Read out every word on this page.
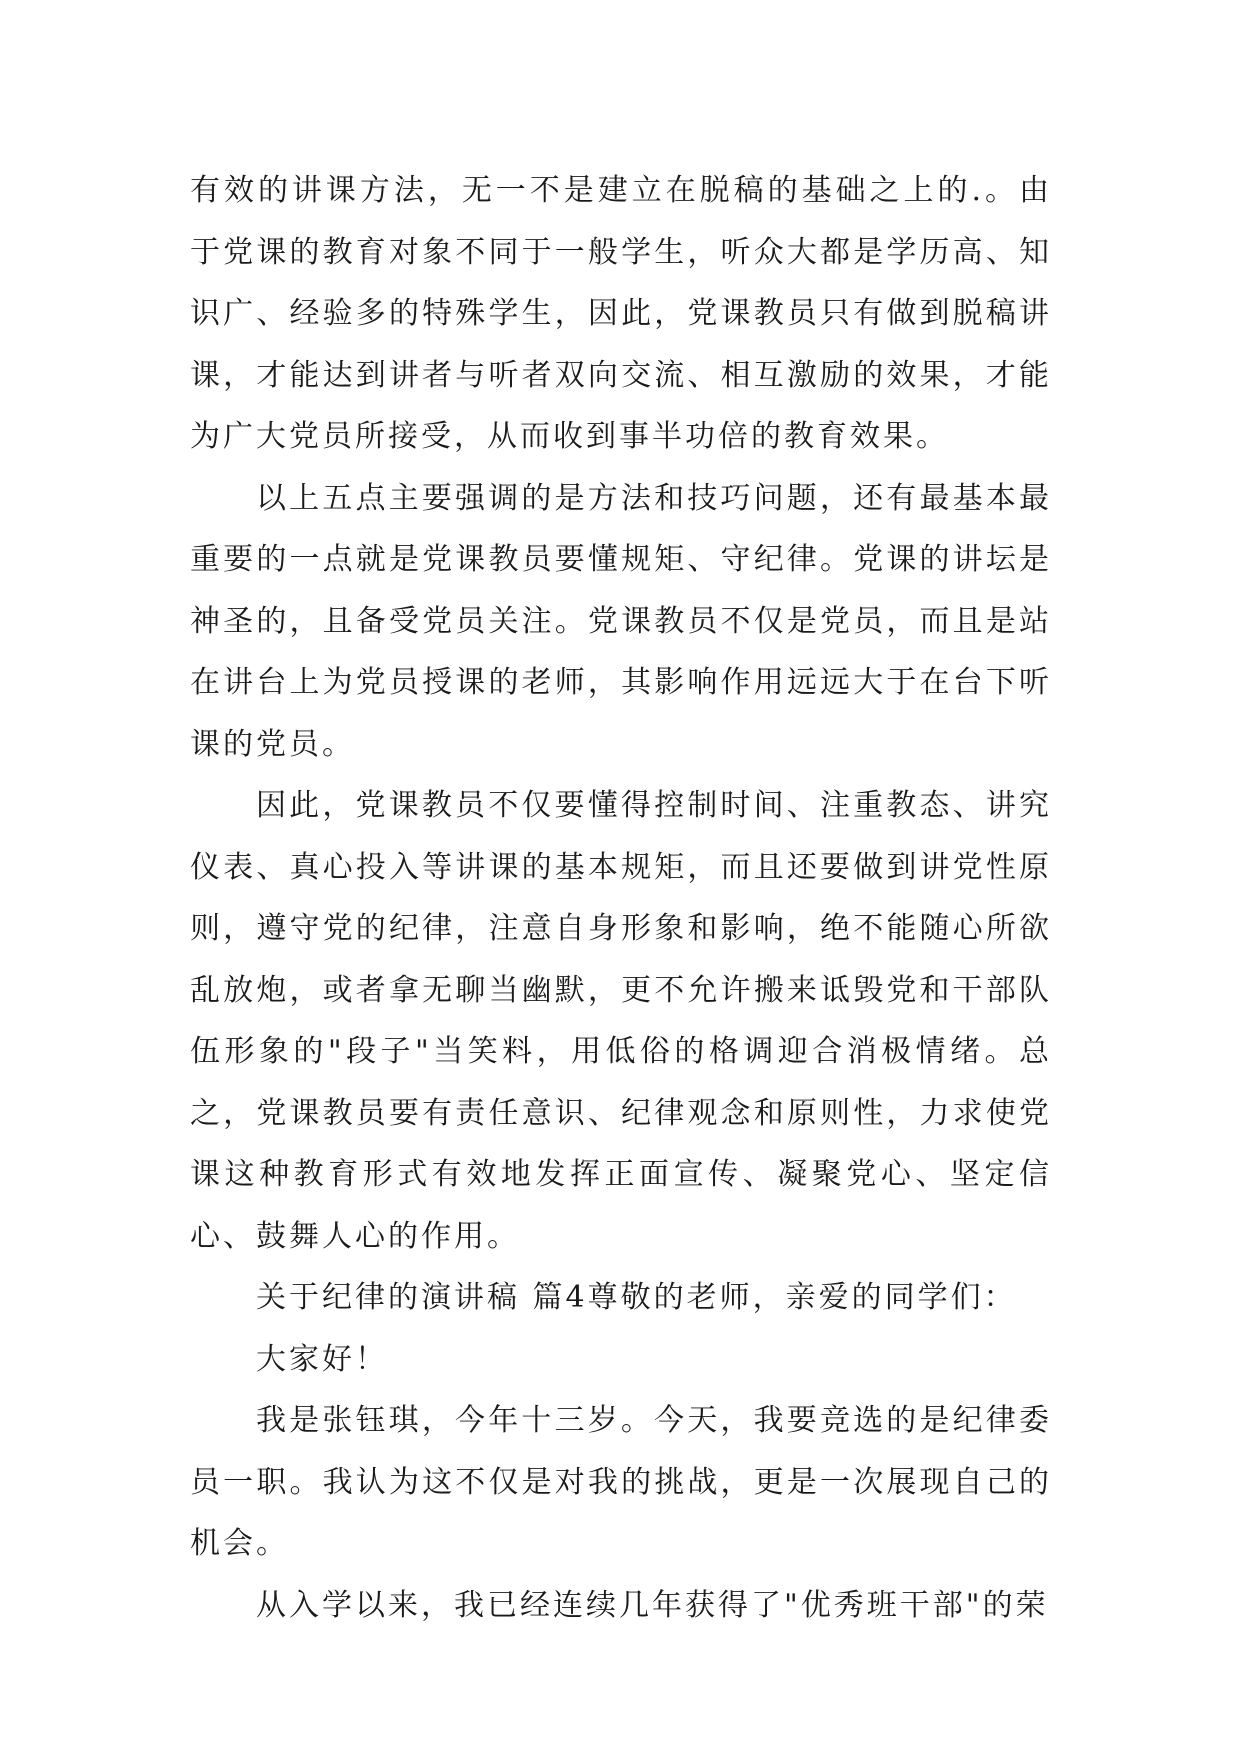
有效的讲课方法，无一不是建立在脱稿的基础之上的.。由于党课的教育对象不同于一般学生，听众大都是学历高、知识广、经验多的特殊学生，因此，党课教员只有做到脱稿讲课，才能达到讲者与听者双向交流、相互激励的效果，才能为广大党员所接受，从而收到事半功倍的教育效果。

以上五点主要强调的是方法和技巧问题，还有最基本最重要的一点就是党课教员要懂规矩、守纪律。党课的讲坛是神圣的，且备受党员关注。党课教员不仅是党员，而且是站在讲台上为党员授课的老师，其影响作用远远大于在台下听课的党员。

因此，党课教员不仅要懂得控制时间、注重教态、讲究仪表、真心投入等讲课的基本规矩，而且还要做到讲党性原则，遵守党的纪律，注意自身形象和影响，绝不能随心所欲乱放炮，或者拿无聊当幽默，更不允许搬来诋毁党和干部队伍形象的"段子"当笑料，用低俗的格调迎合消极情绪。总之，党课教员要有责任意识、纪律观念和原则性，力求使党课这种教育形式有效地发挥正面宣传、凝聚党心、坚定信心、鼓舞人心的作用。

关于纪律的演讲稿 篇4尊敬的老师，亲爱的同学们：

大家好！

我是张钰琪，今年十三岁。今天，我要竞选的是纪律委员一职。我认为这不仅是对我的挑战，更是一次展现自己的机会。

从入学以来，我已经连续几年获得了"优秀班干部"的荣
